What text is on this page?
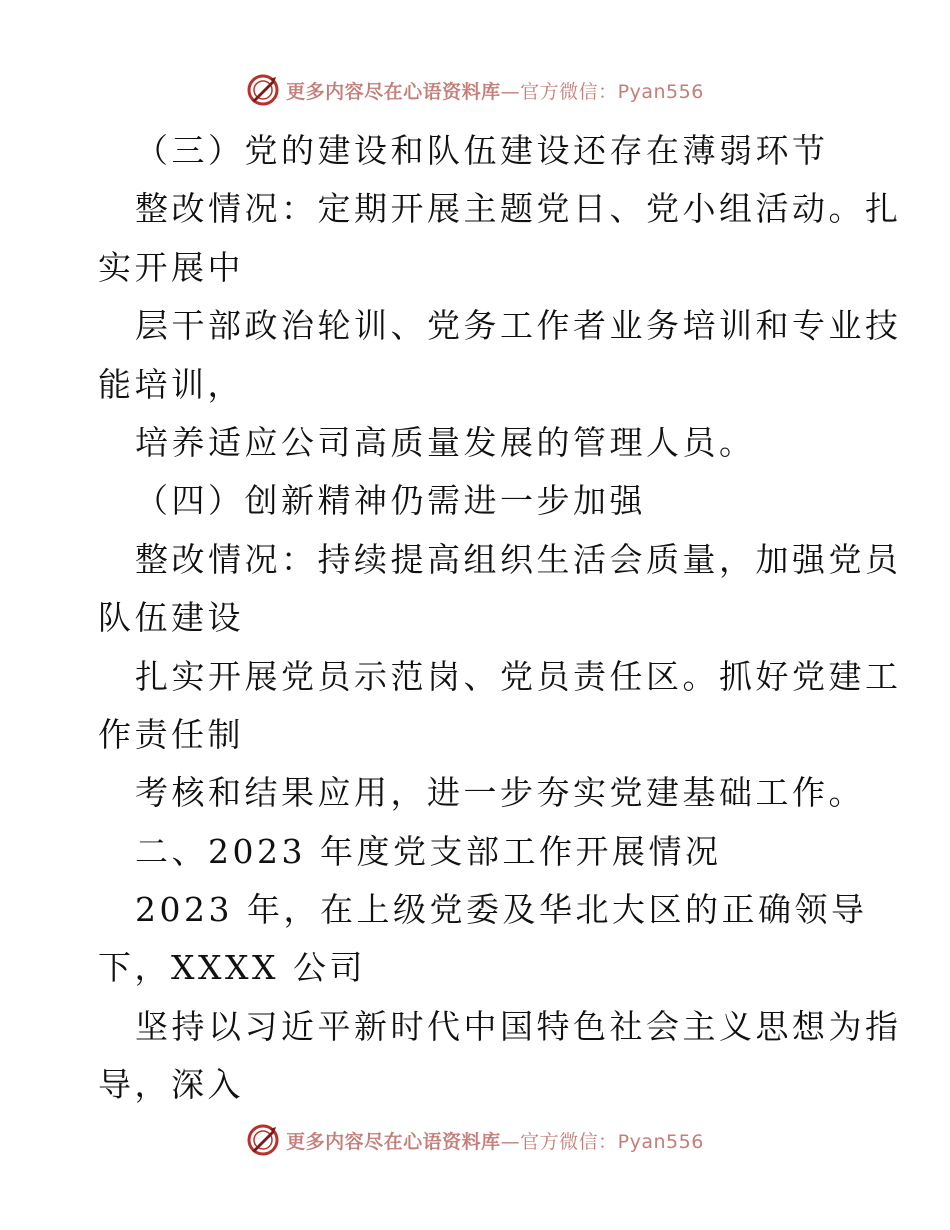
更多内容尽在心语资料库—官方微信：Pyan556
（三）党的建设和队伍建设还存在薄弱环节
整改情况：定期开展主题党日、党小组活动。扎
实开展中
层干部政治轮训、党务工作者业务培训和专业技
能培训，
培养适应公司高质量发展的管理人员。
（四）创新精神仍需进一步加强
整改情况：持续提高组织生活会质量，加强党员
队伍建设
扎实开展党员示范岗、党员责任区。抓好党建工
作责任制
考核和结果应用，进一步夯实党建基础工作。
二、2023 年度党支部工作开展情况
2023 年，在上级党委及华北大区的正确领导
下，XXXX 公司
坚持以习近平新时代中国特色社会主义思想为指
导，深入
更多内容尽在心语资料库—官方微信：Pyan556
